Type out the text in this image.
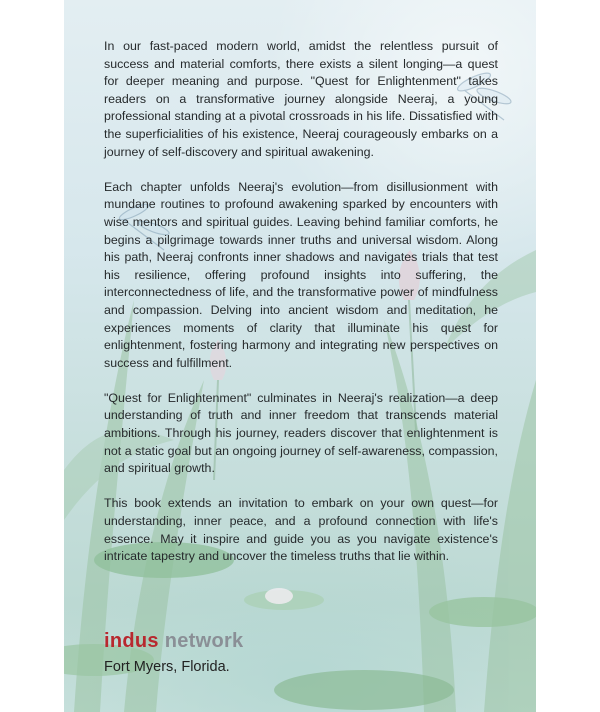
In our fast-paced modern world, amidst the relentless pursuit of success and material comforts, there exists a silent longing—a quest for deeper meaning and purpose. "Quest for Enlightenment" takes readers on a transformative journey alongside Neeraj, a young professional standing at a pivotal crossroads in his life. Dissatisfied with the superficialities of his existence, Neeraj courageously embarks on a journey of self-discovery and spiritual awakening.

Each chapter unfolds Neeraj's evolution—from disillusionment with mundane routines to profound awakening sparked by encounters with wise mentors and spiritual guides. Leaving behind familiar comforts, he begins a pilgrimage towards inner truths and universal wisdom. Along his path, Neeraj confronts inner shadows and navigates trials that test his resilience, offering profound insights into suffering, the interconnectedness of life, and the transformative power of mindfulness and compassion. Delving into ancient wisdom and meditation, he experiences moments of clarity that illuminate his quest for enlightenment, fostering harmony and integrating new perspectives on success and fulfillment.

"Quest for Enlightenment" culminates in Neeraj's realization—a deep understanding of truth and inner freedom that transcends material ambitions. Through his journey, readers discover that enlightenment is not a static goal but an ongoing journey of self-awareness, compassion, and spiritual growth.

This book extends an invitation to embark on your own quest—for understanding, inner peace, and a profound connection with life's essence. May it inspire and guide you as you navigate existence's intricate tapestry and uncover the timeless truths that lie within.

indus network
Fort Myers, Florida.
